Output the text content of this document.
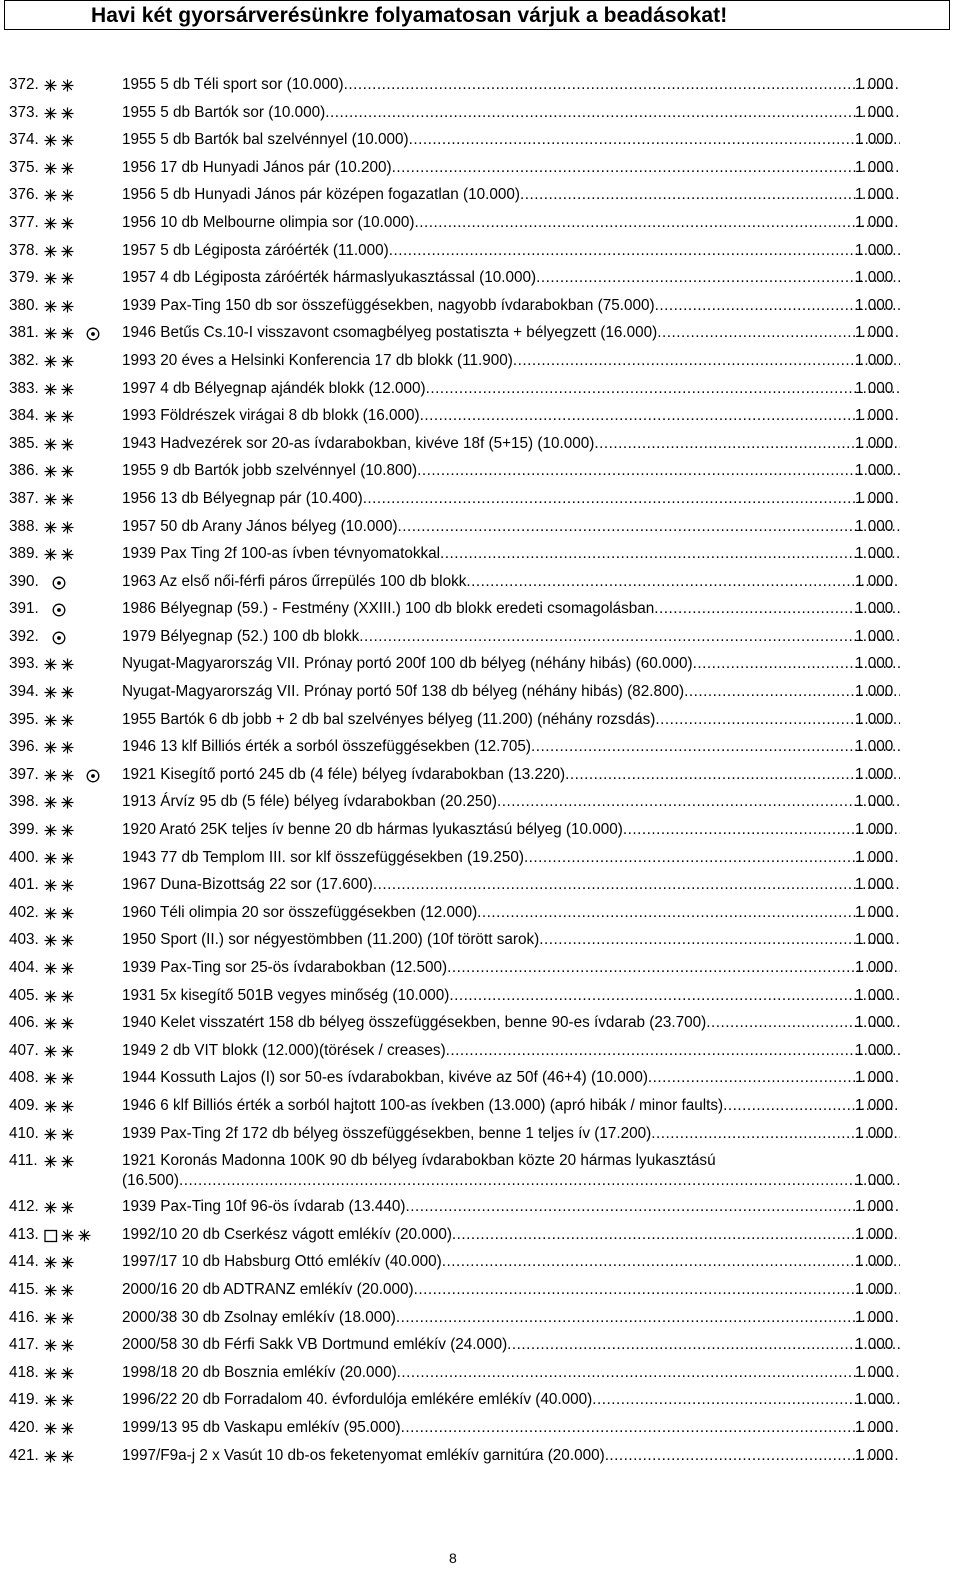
Havi két gyorsárverésünkre folyamatosan várjuk a beadásokat!
372.	1955 5 db Téli sport sor (10.000) .....	1 000
373.	1955 5 db Bartók sor (10.000) .....	1 000
374.	1955 5 db Bartók bal szelvénnyel (10.000) .....	1 000
375.	1956 17 db Hunyadi János pár (10.200) .....	1 000
376.	1956 5 db Hunyadi János pár középen fogazatlan (10.000) .....	1 000
377.	1956 10 db Melbourne olimpia sor (10.000) .....	1 000
378.	1957 5 db Légiposta záróérték (11.000) .....	1 000
379.	1957 4 db Légiposta záróérték hármaslyukasztással (10.000) .....	1 000
380.	1939 Pax-Ting 150 db sor összefüggésekben, nagyobb ívdarabokban (75.000) .....	1 000
381.	1946 Betűs Cs.10-I visszavont csomagbélyeg postatiszta + bélyegzett (16.000) .....	1 000
382.	1993 20 éves a Helsinki Konferencia 17 db blokk (11.900) .....	1 000
383.	1997 4 db Bélyegnap ajándék blokk (12.000) .....	1 000
384.	1993 Földrészek virágai 8 db blokk (16.000) .....	1 000
385.	1943 Hadvezérek sor 20-as ívdarabokban, kivéve 18f (5+15) (10.000) .....	1 000
386.	1955 9 db Bartók jobb szelvénnyel (10.800) .....	1 000
387.	1956 13 db Bélyegnap pár (10.400) .....	1 000
388.	1957 50 db Arany János bélyeg (10.000) .....	1 000
389.	1939 Pax Ting 2f 100-as ívben tévnyomatokkal .....	1 000
390.	1963 Az első női-férfi páros űrrepülés 100 db blokk .....	1 000
391.	1986 Bélyegnap (59.) - Festmény (XXIII.) 100 db blokk eredeti csomagolásban .....	1 000
392.	1979 Bélyegnap (52.) 100 db blokk .....	1 000
393.	Nyugat-Magyarország VII. Prónay portó 200f 100 db bélyeg (néhány hibás) (60.000) .....	1 000
394.	Nyugat-Magyarország VII. Prónay portó 50f 138 db bélyeg (néhány hibás) (82.800) .....	1 000
395.	1955 Bartók 6 db jobb + 2 db bal szelvényes bélyeg (11.200) (néhány rozsdás) .....	1 000
396.	1946 13 klf Billiós érték a sorból összefüggésekben (12.705) .....	1 000
397.	1921 Kisegítő portó 245 db (4 féle) bélyeg ívdarabokban (13.220) .....	1 000
398.	1913 Árvíz 95 db (5 féle) bélyeg ívdarabokban (20.250) .....	1 000
399.	1920 Arató 25K teljes ív benne 20 db hármas lyukasztású bélyeg (10.000) .....	1 000
400.	1943 77 db Templom III. sor klf összefüggésekben (19.250) .....	1 000
401.	1967 Duna-Bizottság 22 sor (17.600) .....	1 000
402.	1960 Téli olimpia 20 sor összefüggésekben (12.000) .....	1 000
403.	1950 Sport (II.) sor négyestömbben (11.200) (10f törött sarok) .....	1 000
404.	1939 Pax-Ting sor 25-ös ívdarabokban (12.500) .....	1 000
405.	1931 5x kisegítő 501B vegyes minőség (10.000) .....	1 000
406.	1940 Kelet visszatért 158 db bélyeg összefüggésekben, benne 90-es ívdarab (23.700) .....	1 000
407.	1949 2 db VIT blokk (12.000)(törések / creases) .....	1 000
408.	1944 Kossuth Lajos (I) sor 50-es ívdarabokban, kivéve az 50f (46+4) (10.000) .....	1 000
409.	1946 6 klf Billiós érték a sorból hajtott 100-as ívekben (13.000) (apró hibák / minor faults) .....	1 000
410.	1939 Pax-Ting 2f 172 db bélyeg összefüggésekben, benne 1 teljes ív (17.200) .....	1 000
411.	1921 Koronás Madonna 100K 90 db bélyeg ívdarabokban közte 20 hármas lyukasztású
(16.500) .....	1 000
412.	1939 Pax-Ting 10f 96-ös ívdarab (13.440) .....	1 000
413.	1992/10 20 db Cserkész vágott emlékív (20.000) .....	1 000
414.	1997/17 10 db Habsburg Ottó emlékív (40.000) .....	1 000
415.	2000/16 20 db ADTRANZ emlékív (20.000) .....	1 000
416.	2000/38 30 db Zsolnay emlékív (18.000) .....	1 000
417.	2000/58 30 db Férfi Sakk VB Dortmund emlékív (24.000) .....	1 000
418.	1998/18 20 db Bosznia emlékív (20.000) .....	1 000
419.	1996/22 20 db Forradalom 40. évfordulója emlékére emlékív (40.000) .....	1 000
420.	1999/13 95 db Vaskapu emlékív (95.000) .....	1 000
421.	1997/F9a-j 2 x Vasút 10 db-os feketenyomat emlékív garnitúra (20.000) .....	1 000
8
